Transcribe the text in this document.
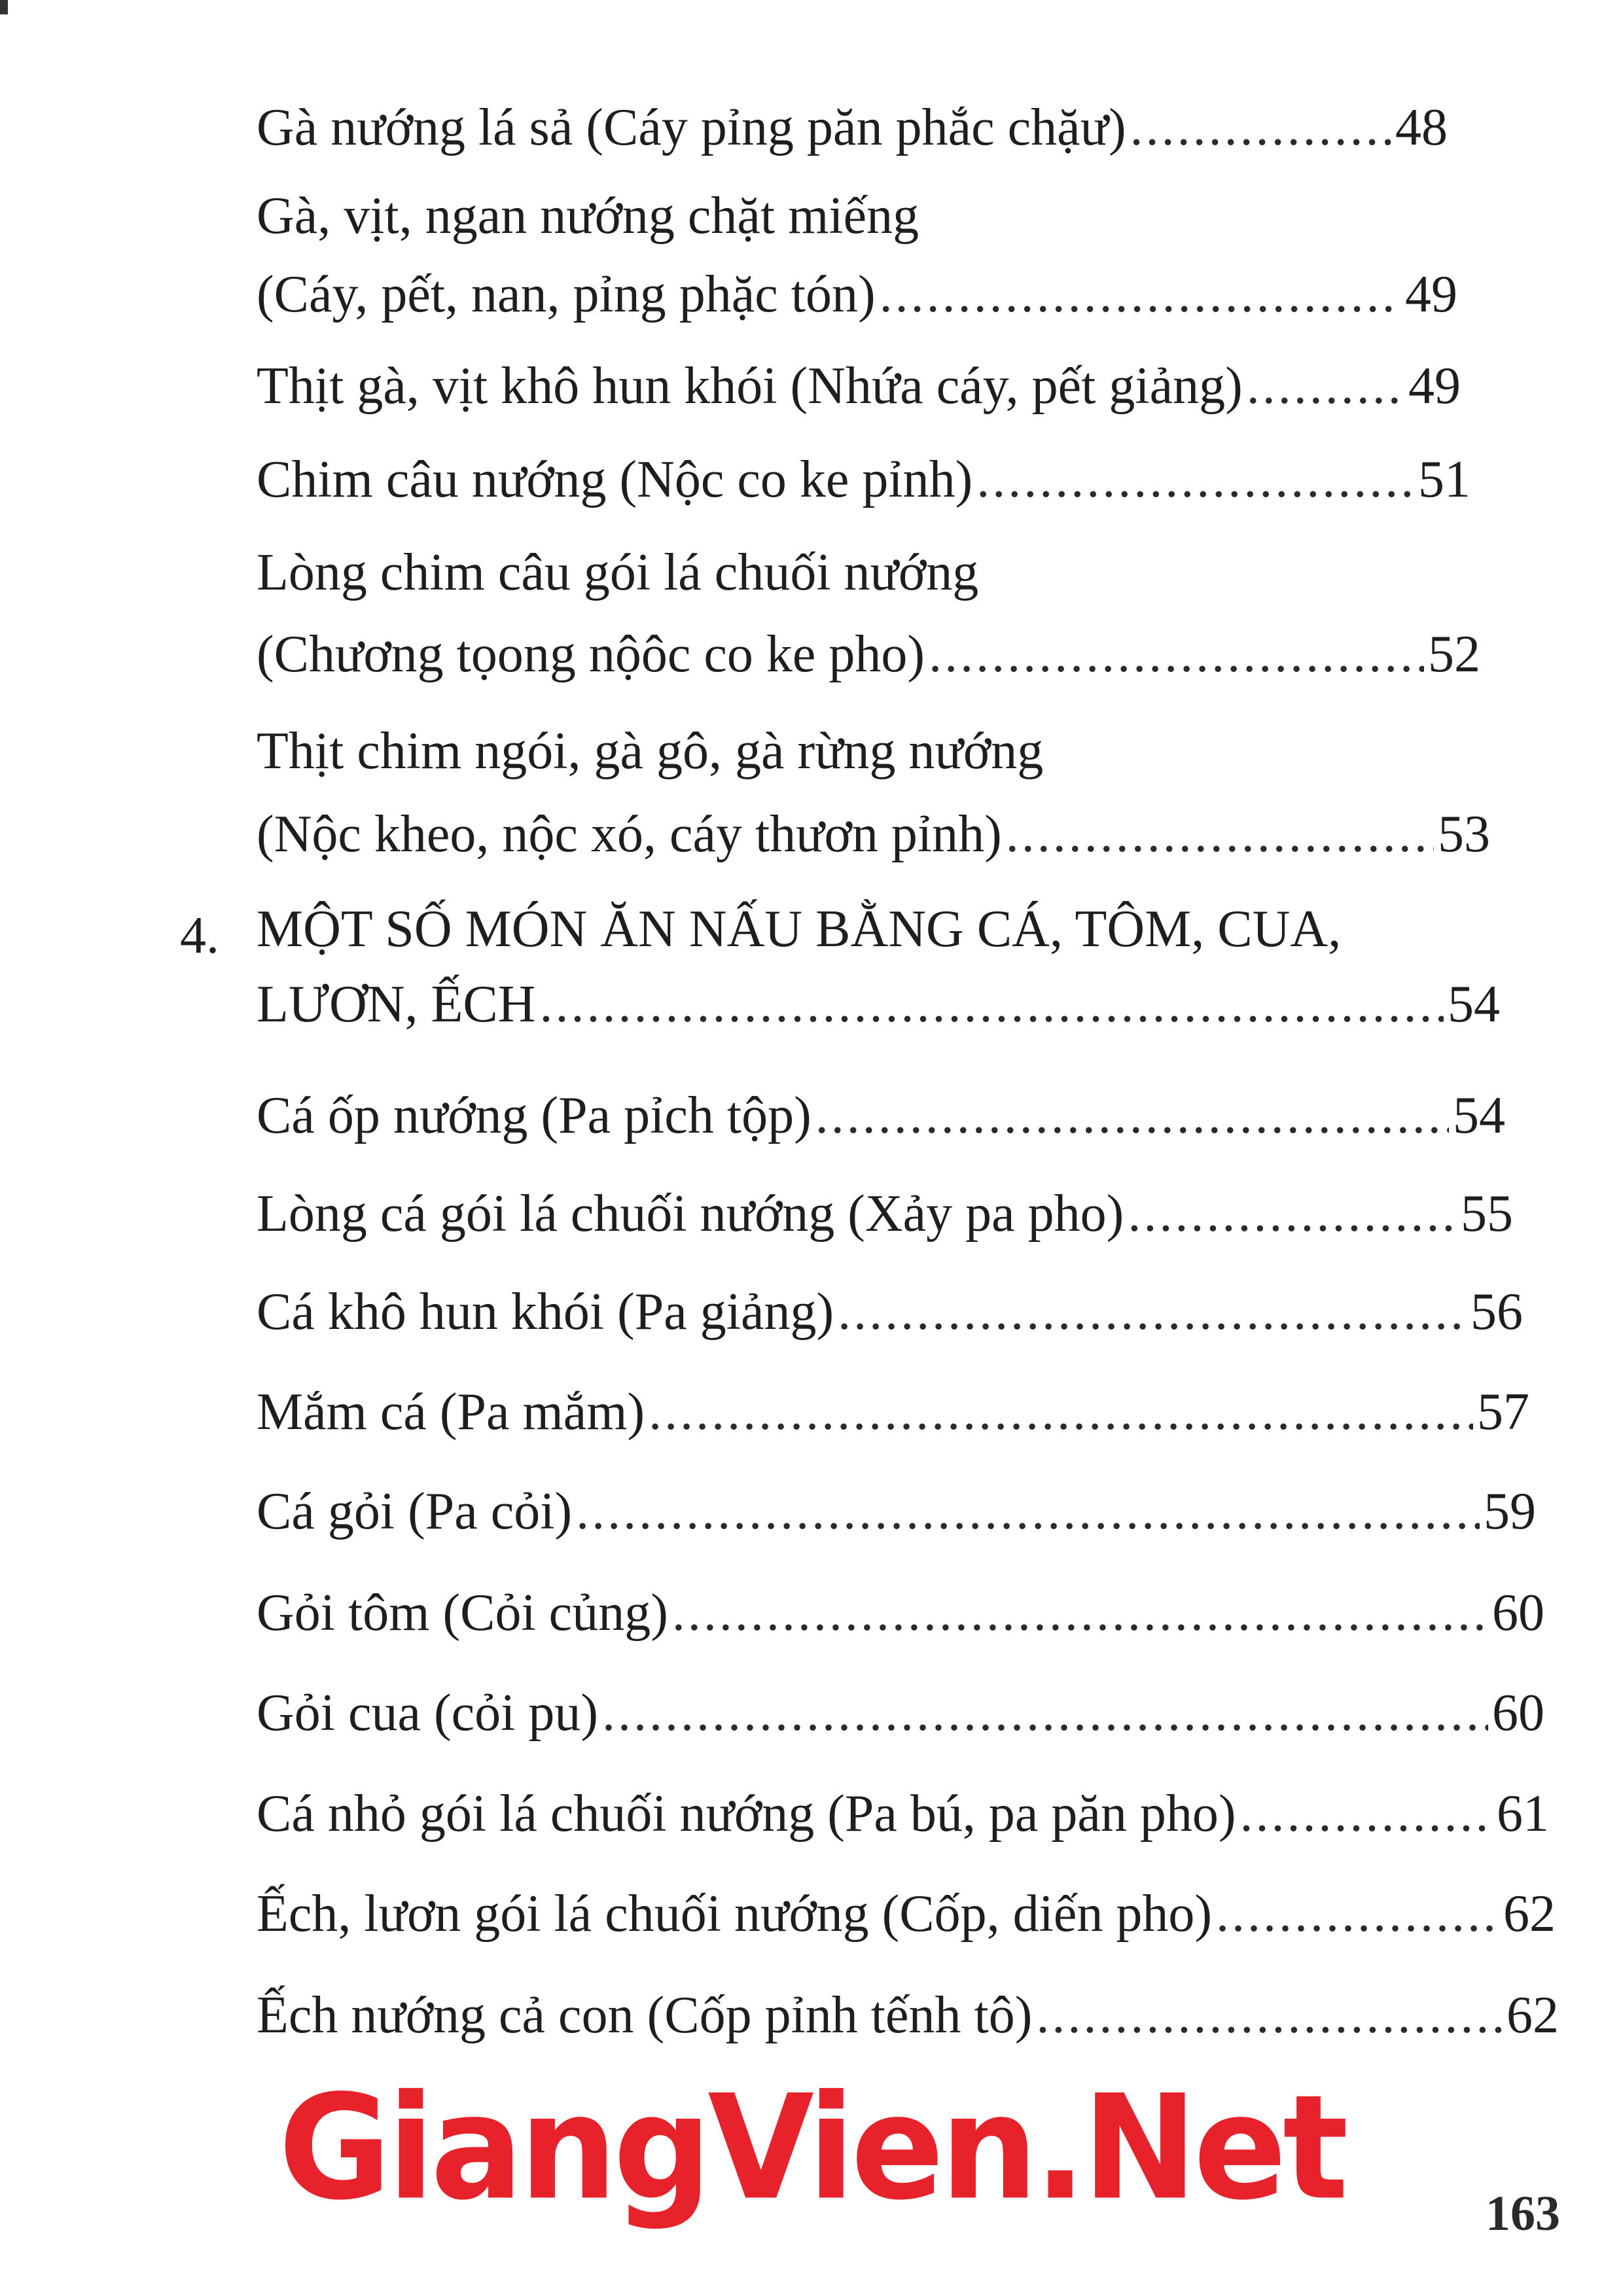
Gà nướng lá sả (Cáy pỉng păn phắc chặư) .....	48
Gà, vịt, ngan nướng chặt miếng
(Cáy, pết, nan, pỉng phặc tón) .....	49
Thịt gà, vịt khô hun khói (Nhứa cáy, pết giảng) .....	49
Chim câu nướng (Nộc co ke pỉnh) .....	51
Lòng chim câu gói lá chuối nướng
(Chương tọong nộôc co ke pho) .....	52
Thịt chim ngói, gà gô, gà rừng nướng
(Nộc kheo, nộc xó, cáy thươn pỉnh) .....	53
4. MỘT SỐ MÓN ĂN NẤU BẰNG CÁ, TÔM, CUA,
LƯƠN, ẾCH .....	54
Cá ốp nướng (Pa pỉch tộp) .....	54
Lòng cá gói lá chuối nướng (Xảy pa pho) .....	55
Cá khô hun khói (Pa giảng) .....	56
Mắm cá (Pa mắm) .....	57
Cá gỏi (Pa cỏi) .....	59
Gỏi tôm (Cỏi củng) .....	60
Gỏi cua (cỏi pu) .....	60
Cá nhỏ gói lá chuối nướng (Pa bú, pa păn pho) .....	61
Ếch, lươn gói lá chuối nướng (Cốp, diến pho) .....	62
Ếch nướng cả con (Cốp pỉnh tếnh tô) .....	62
GiangVien.Net	163
